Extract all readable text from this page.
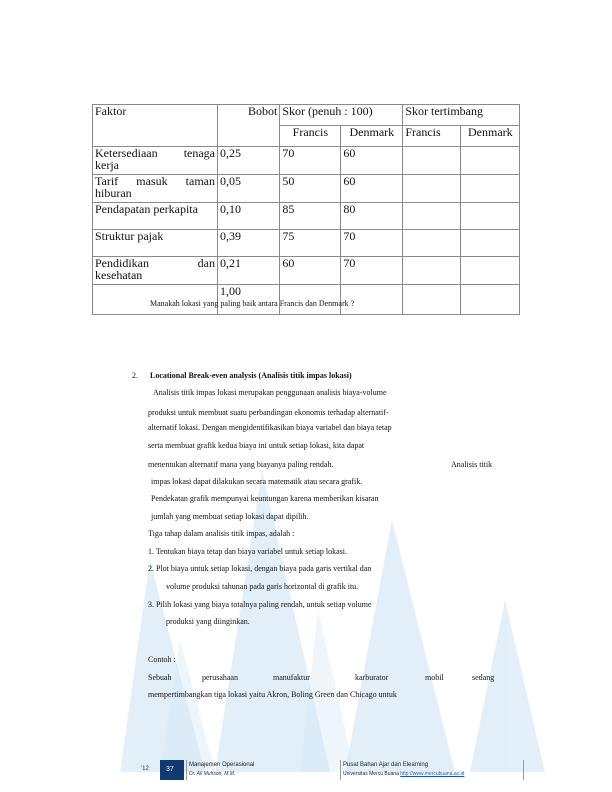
Faktor	Bobot	Skor (penuh : 100)		Skor tertimbang	
		Francis	Denmark	Francis	Denmark

Ketersediaan tenaga
kerja	0,25	70	60		

Tarif masuk taman
hiburan	0,05	50	60		
Pendapatan perkapita	0,10	85	80		
Struktur pajak	0,39	75	70		

Pendidikan dan
kesehatan	0,21	60	70		
	1,00				
Manakah lokasi yang paling baik antara Francis dan Denmark ?
2. Locational Break-even analysis (Analisis titik impas lokasi)
Analisis titik impas lokasi merupakan penggunaan analisis biaya-volume
produksi untuk membuat suatu perbandingan ekonomis terhadap alternatif-
alternatif lokasi. Dengan mengidentifikasikan biaya variabel dan biaya tetap
serta membuat grafik kedua biaya ini untuk setiap lokasi, kita dapat
menentukan alternatif mana yang biayanya paling rendah.	Analisis titik
impas lokasi dapat dilakukan secara matematik atau secara grafik.
Pendekatan grafik mempunyai keuntungan karena memberikan kisaran
jumlah yang membuat setiap lokasi dapat dipilih.
Tiga tahap dalam analisis titik impas, adalah :
1. Tentukan biaya tetap dan biaya variabel untuk setiap lokasi.
2. Plot biaya untuk setiap lokasi, dengan biaya pada garis vertikal dan
volume produksi tahunan pada garis horizontal di grafik itu.
3. Pilih lokasi yang biaya totalnya paling rendah, untuk setiap volume
produksi yang diinginkan.
Contoh :
Sebuah	perusahaan	manufaktur	karburator	mobil	sedang
mempertimbangkan tiga lokasi yaitu Akron, Boling Green dan Chicago untuk
'12 37
Manajemen Operasional
Dr. Ali Muhson, M.M.
Pusat Bahan Ajar dan Elearning
Universitas Mercu Buana http://www.mercubuana.ac.id
